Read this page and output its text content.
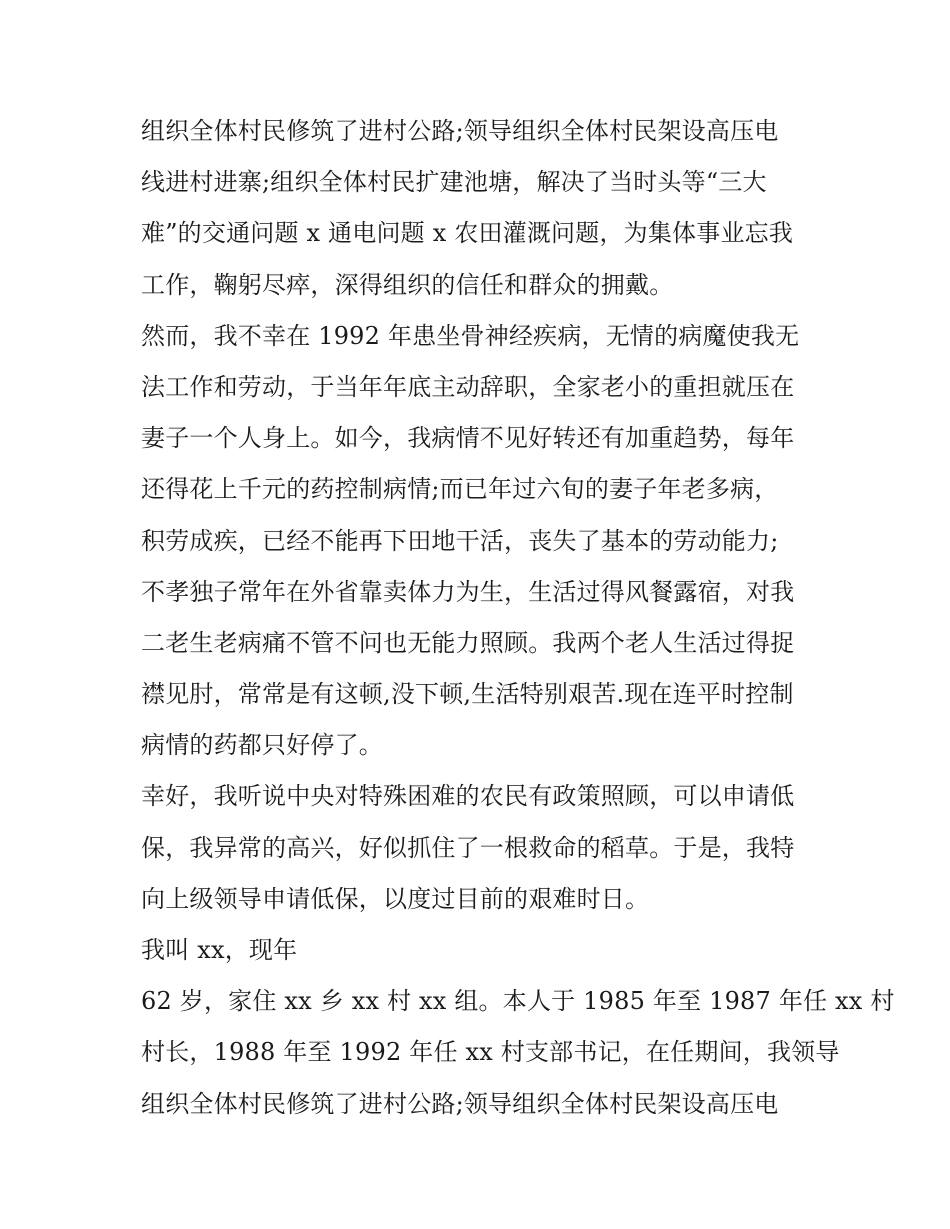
组织全体村民修筑了进村公路;领导组织全体村民架设高压电
线进村进寨;组织全体村民扩建池塘，解决了当时头等“三大
难”的交通问题 x 通电问题 x 农田灌溉问题，为集体事业忘我
工作，鞠躬尽瘁，深得组织的信任和群众的拥戴。
然而，我不幸在 1992 年患坐骨神经疾病，无情的病魔使我无
法工作和劳动，于当年年底主动辞职，全家老小的重担就压在
妻子一个人身上。如今，我病情不见好转还有加重趋势，每年
还得花上千元的药控制病情;而已年过六旬的妻子年老多病，
积劳成疾，已经不能再下田地干活，丧失了基本的劳动能力;
不孝独子常年在外省靠卖体力为生，生活过得风餐露宿，对我
二老生老病痛不管不问也无能力照顾。我两个老人生活过得捉
襟见肘，常常是有这顿,没下顿,生活特别艰苦.现在连平时控制
病情的药都只好停了。
幸好，我听说中央对特殊困难的农民有政策照顾，可以申请低
保，我异常的高兴，好似抓住了一根救命的稻草。于是，我特
向上级领导申请低保，以度过目前的艰难时日。
我叫 xx，现年
62 岁，家住 xx 乡 xx 村 xx 组。本人于 1985 年至 1987 年任 xx 村
村长，1988 年至 1992 年任 xx 村支部书记，在任期间，我领导
组织全体村民修筑了进村公路;领导组织全体村民架设高压电
